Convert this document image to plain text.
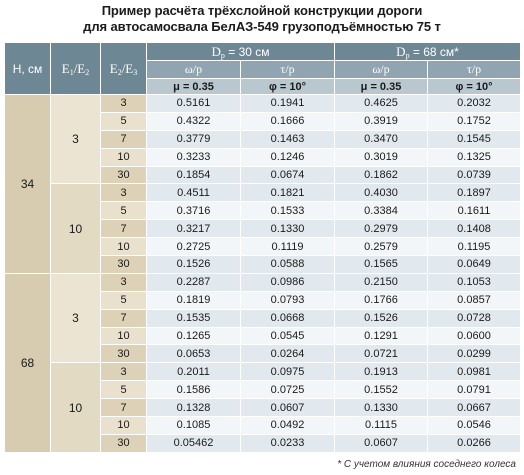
Пример расчёта трёхслойной конструкции дороги
для автосамосвала БелАЗ-549 грузоподъёмностью 75 т
H, см	$E_1/E_2$	$E_2/E_3$	$D_p = 30$ см		$D_p = 68$ см*	
			ω/p	τ/p	ω/p	τ/p
			μ = 0.35	φ = 10°	μ = 0.35	φ = 10°
34	3	3	0.5161	0.1941	0.4625	0.2032
		5	0.4322	0.1666	0.3919	0.1752
		7	0.3779	0.1463	0.3470	0.1545
		10	0.3233	0.1246	0.3019	0.1325
		30	0.1854	0.0674	0.1862	0.0739
	10	3	0.4511	0.1821	0.4030	0.1897
		5	0.3716	0.1533	0.3384	0.1611
		7	0.3217	0.1330	0.2979	0.1408
		10	0.2725	0.1119	0.2579	0.1195
		30	0.1526	0.0588	0.1565	0.0649
68	3	3	0.2287	0.0986	0.2150	0.1053
		5	0.1819	0.0793	0.1766	0.0857
		7	0.1535	0.0668	0.1526	0.0728
		10	0.1265	0.0545	0.1291	0.0600
		30	0.0653	0.0264	0.0721	0.0299
	10	3	0.2011	0.0975	0.1913	0.0981
		5	0.1586	0.0725	0.1552	0.0791
		7	0.1328	0.0607	0.1330	0.0667
		10	0.1085	0.0492	0.1115	0.0546
		30	0.05462	0.0233	0.0607	0.0266
* С учетом влияния соседнего колеса
